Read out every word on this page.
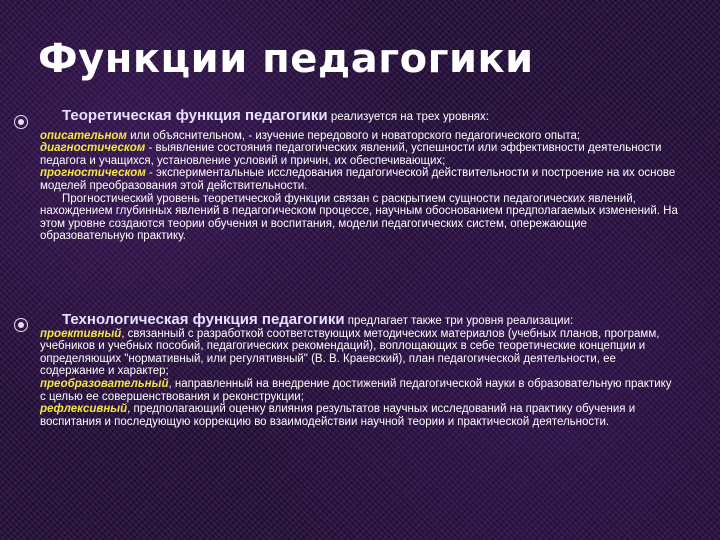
Функции педагогики

Теоретическая функция педагогики реализуется на трех уровнях:

описательном или объяснительном, - изучение передового и новаторского педагогического опыта;

диагностическом - выявление состояния педагогических явлений, успешности или эффективности деятельности педагога и учащихся, установление условий и причин, их обеспечивающих;

прогностическом - экспериментальные исследования педагогической действительности и построение на их основе моделей преобразования этой действительности.

Прогностический уровень теоретической функции связан с раскрытием сущности педагогических явлений, нахождением глубинных явлений в педагогическом процессе, научным обоснованием предполагаемых изменений. На этом уровне создаются теории обучения и воспитания, модели педагогических систем, опережающие образовательную практику.

Технологическая функция педагогики предлагает также три уровня реализации:

проективный, связанный с разработкой соответствующих методических материалов (учебных планов, программ, учебников и учебных пособий, педагогических рекомендаций), воплощающих в себе теоретические концепции и определяющих "нормативный, или регулятивный" (В. В. Краевский), план педагогической деятельности, ее содержание и характер;

преобразовательный, направленный на внедрение достижений педагогической науки в образовательную практику с целью ее совершенствования и реконструкции;

рефлексивный, предполагающий оценку влияния результатов научных исследований на практику обучения и воспитания и последующую коррекцию во взаимодействии научной теории и практической деятельности.
